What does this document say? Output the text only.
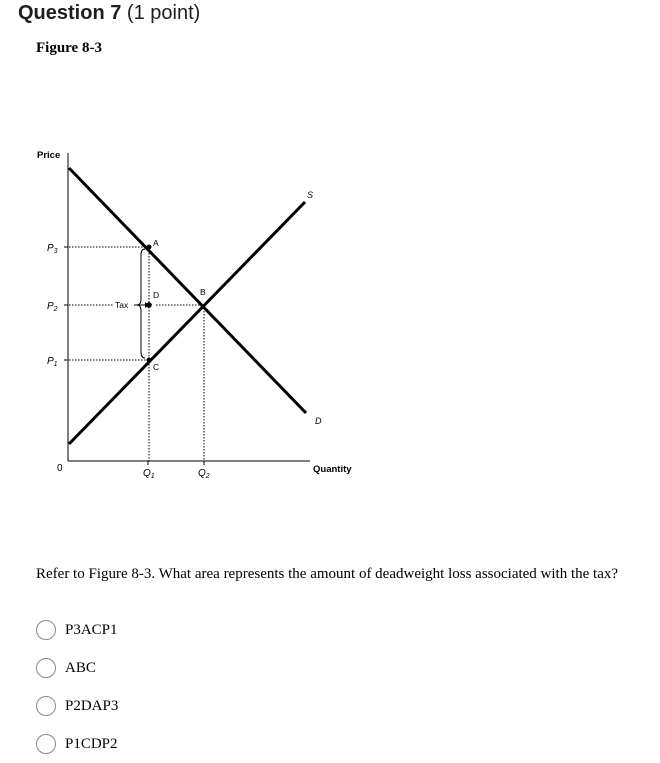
Question 7 (1 point)
Figure 8-3
Price
Quantity
0
$P_3$
$P_2$
$P_1$
$Q_1$	$Q_2$
A
B
C
D
S
D
Tax
Refer to Figure 8-3. What area represents the amount of deadweight loss associated with the tax?
P3ACP1
ABC
P2DAP3
P1CDP2
